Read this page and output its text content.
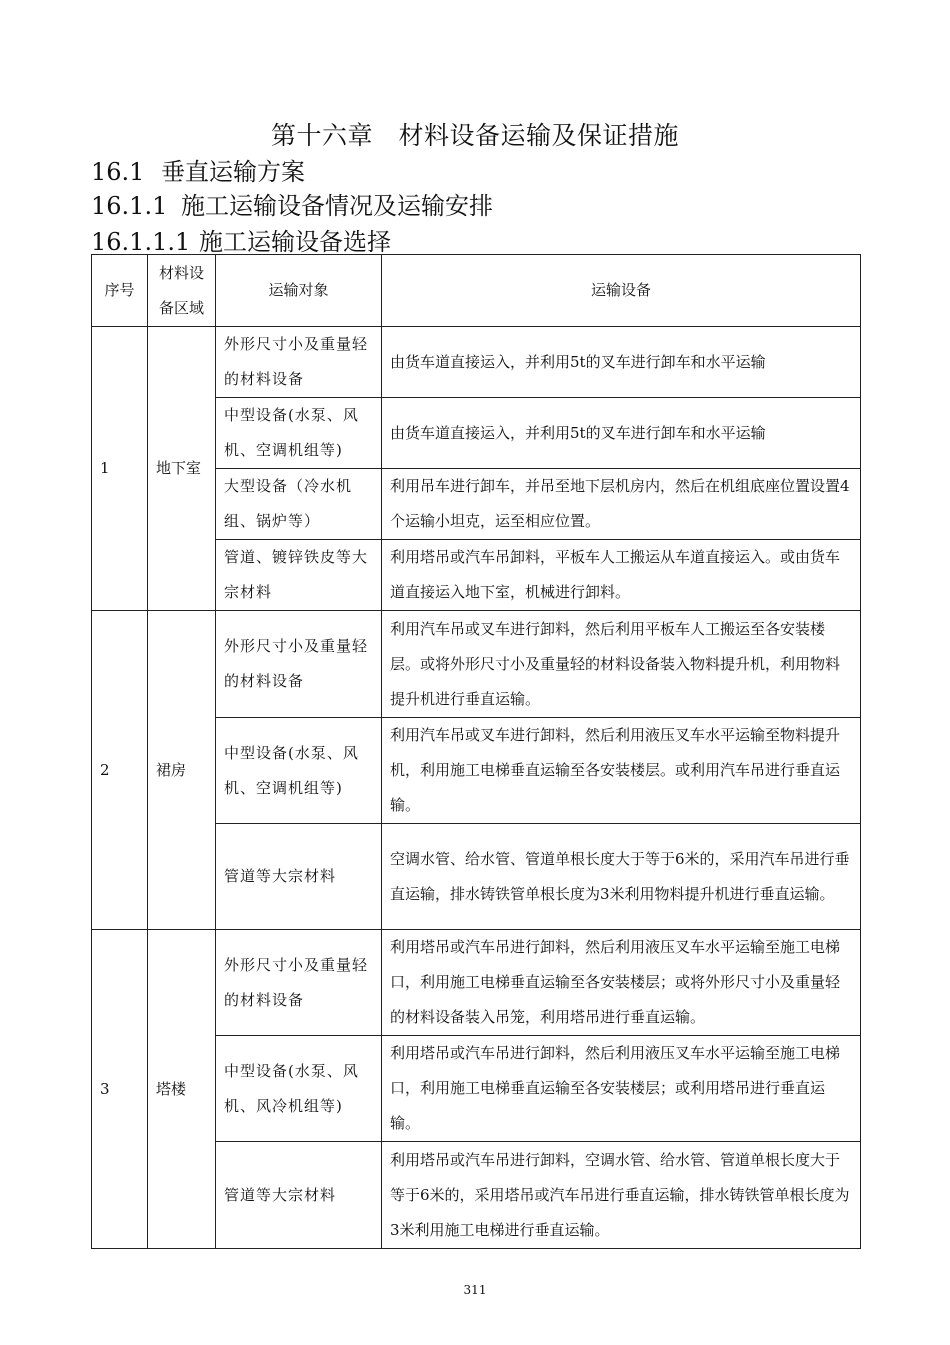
第十六章　材料设备运输及保证措施
16.1 垂直运输方案
16.1.1 施工运输设备情况及运输安排
16.1.1.1 施工运输设备选择
序号	材料设备区域	运输对象	运输设备
1	地下室	外形尺寸小及重量轻的材料设备	由货车道直接运入，并利用5t的叉车进行卸车和水平运输
		中型设备(水泵、风机、空调机组等)	由货车道直接运入，并利用5t的叉车进行卸车和水平运输
		大型设备（冷水机组、锅炉等）	利用吊车进行卸车，并吊至地下层机房内，然后在机组底座位置设置4个运输小坦克，运至相应位置。
		管道、镀锌铁皮等大宗材料	利用塔吊或汽车吊卸料，平板车人工搬运从车道直接运入。或由货车道直接运入地下室，机械进行卸料。
2	裙房	外形尺寸小及重量轻的材料设备	利用汽车吊或叉车进行卸料，然后利用平板车人工搬运至各安装楼层。或将外形尺寸小及重量轻的材料设备装入物料提升机，利用物料提升机进行垂直运输。
		中型设备(水泵、风机、空调机组等)	利用汽车吊或叉车进行卸料，然后利用液压叉车水平运输至物料提升机，利用施工电梯垂直运输至各安装楼层。或利用汽车吊进行垂直运输。
		管道等大宗材料	空调水管、给水管、管道单根长度大于等于6米的，采用汽车吊进行垂直运输，排水铸铁管单根长度为3米利用物料提升机进行垂直运输。
3	塔楼	外形尺寸小及重量轻的材料设备	利用塔吊或汽车吊进行卸料，然后利用液压叉车水平运输至施工电梯口，利用施工电梯垂直运输至各安装楼层；或将外形尺寸小及重量轻的材料设备装入吊笼，利用塔吊进行垂直运输。
		中型设备(水泵、风机、风冷机组等)	利用塔吊或汽车吊进行卸料，然后利用液压叉车水平运输至施工电梯口，利用施工电梯垂直运输至各安装楼层；或利用塔吊进行垂直运输。
		管道等大宗材料	利用塔吊或汽车吊进行卸料，空调水管、给水管、管道单根长度大于等于6米的，采用塔吊或汽车吊进行垂直运输，排水铸铁管单根长度为3米利用施工电梯进行垂直运输。
311
